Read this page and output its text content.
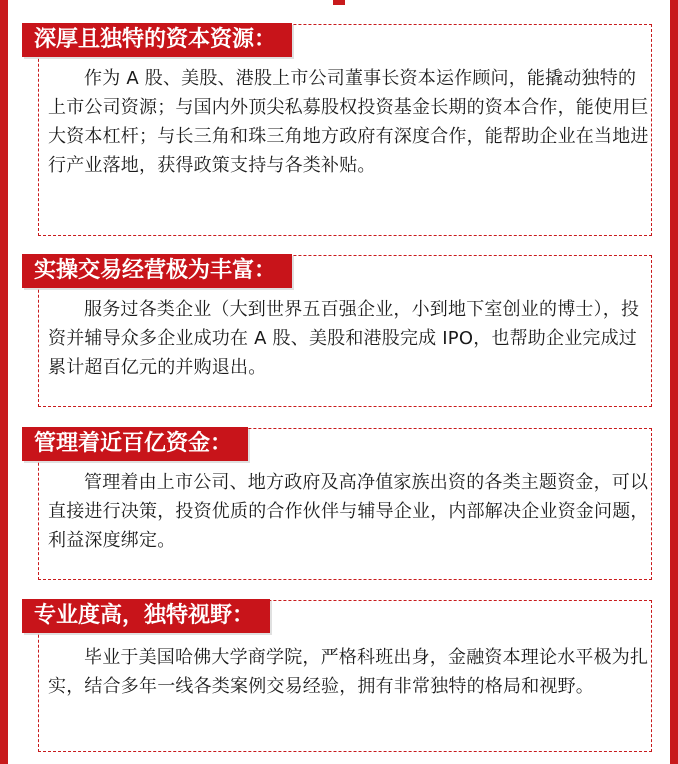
深厚且独特的资本资源：

作为 A 股、美股、港股上市公司董事长资本运作顾问，能撬动独特的上市公司资源；与国内外顶尖私募股权投资基金长期的资本合作，能使用巨大资本杠杆；与长三角和珠三角地方政府有深度合作，能帮助企业在当地进行产业落地，获得政策支持与各类补贴。

实操交易经营极为丰富：

服务过各类企业（大到世界五百强企业，小到地下室创业的博士），投资并辅导众多企业成功在 A 股、美股和港股完成 IPO，也帮助企业完成过累计超百亿元的并购退出。

管理着近百亿资金：

管理着由上市公司、地方政府及高净值家族出资的各类主题资金，可以直接进行决策，投资优质的合作伙伴与辅导企业，内部解决企业资金问题，利益深度绑定。

专业度高，独特视野：

毕业于美国哈佛大学商学院，严格科班出身，金融资本理论水平极为扎实，结合多年一线各类案例交易经验，拥有非常独特的格局和视野。
